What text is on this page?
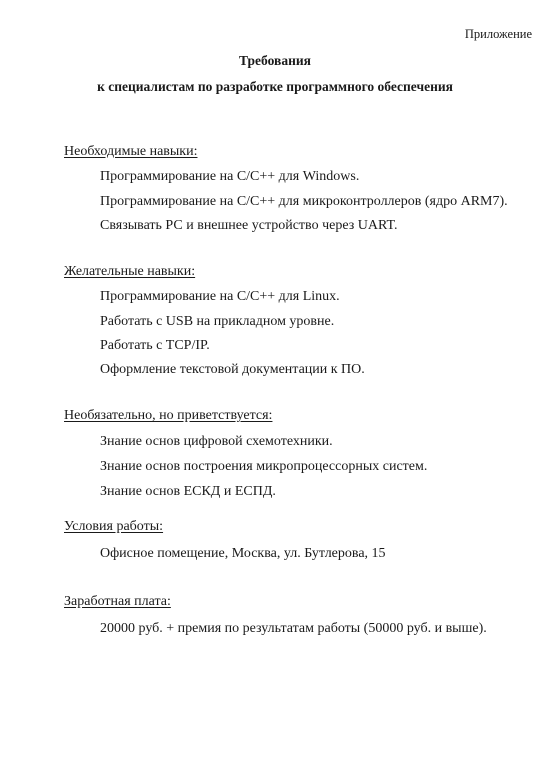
Приложение
Требования
к специалистам по разработке программного обеспечения
Необходимые навыки:
Программирование на C/C++ для Windows.
Программирование на C/C++ для микроконтроллеров (ядро ARM7).
Связывать РС и внешнее устройство через UART.
Желательные навыки:
Программирование на C/C++ для Linux.
Работать с USB на прикладном уровне.
Работать с TCP/IP.
Оформление текстовой документации к ПО.
Необязательно, но приветствуется:
Знание основ цифровой схемотехники.
Знание основ построения микропроцессорных систем.
Знание основ ЕСКД и ЕСПД.
Условия работы:
Офисное помещение, Москва, ул. Бутлерова, 15
Заработная плата:
20000 руб. + премия по результатам работы (50000 руб. и выше).
